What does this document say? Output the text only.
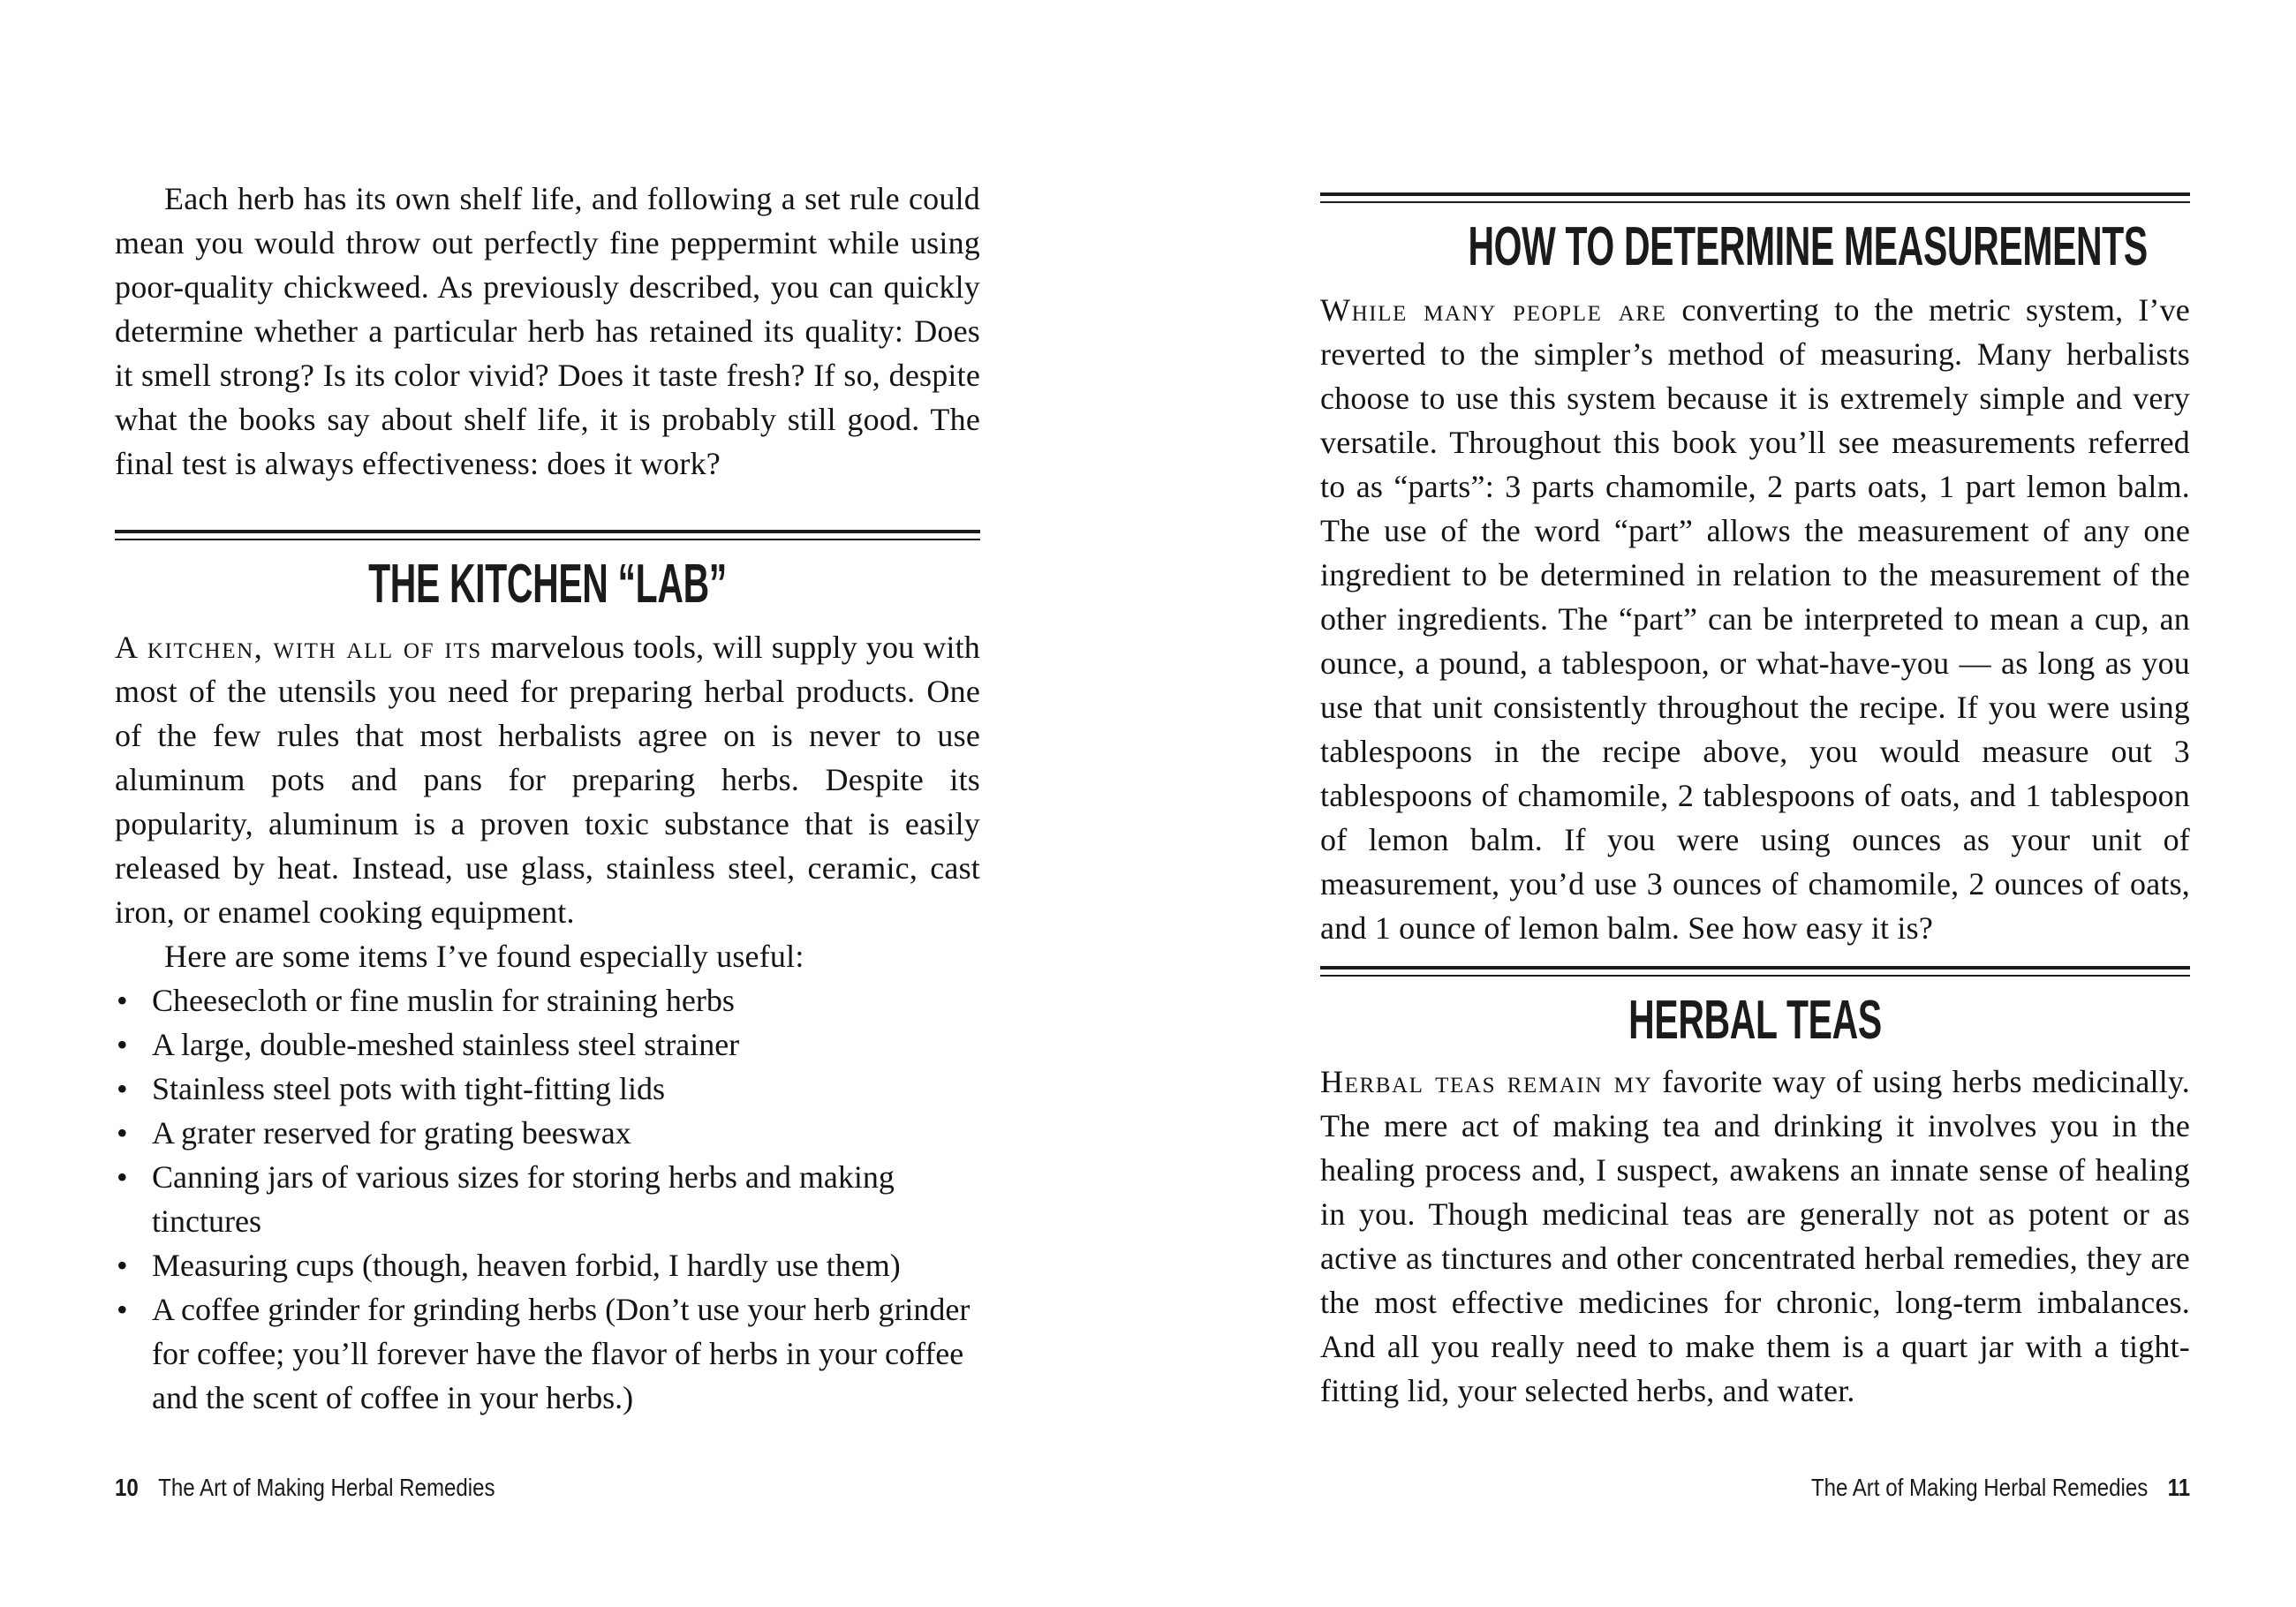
Each herb has its own shelf life, and following a set rule could mean you would throw out perfectly fine peppermint while using poor-quality chickweed. As previously described, you can quickly determine whether a particular herb has retained its quality: Does it smell strong? Is its color vivid? Does it taste fresh? If so, despite what the books say about shelf life, it is probably still good. The final test is always effectiveness: does it work?

THE KITCHEN “LAB”

A kitchen, with all of its marvelous tools, will supply you with most of the utensils you need for preparing herbal products. One of the few rules that most herbalists agree on is never to use aluminum pots and pans for preparing herbs. Despite its popularity, aluminum is a proven toxic substance that is easily released by heat. Instead, use glass, stainless steel, ceramic, cast iron, or enamel cooking equipment.

Here are some items I’ve found especially useful:

• Cheesecloth or fine muslin for straining herbs
• A large, double-meshed stainless steel strainer
• Stainless steel pots with tight-fitting lids
• A grater reserved for grating beeswax
• Canning jars of various sizes for storing herbs and making tinctures
• Measuring cups (though, heaven forbid, I hardly use them)
• A coffee grinder for grinding herbs (Don’t use your herb grinder for coffee; you’ll forever have the flavor of herbs in your coffee and the scent of coffee in your herbs.)
HOW TO DETERMINE MEASUREMENTS

While many people are converting to the metric system, I’ve reverted to the simpler’s method of measuring. Many herbalists choose to use this system because it is extremely simple and very versatile. Throughout this book you’ll see measurements referred to as “parts”: 3 parts chamomile, 2 parts oats, 1 part lemon balm. The use of the word “part” allows the measurement of any one ingredient to be determined in relation to the measurement of the other ingredients. The “part” can be interpreted to mean a cup, an ounce, a pound, a tablespoon, or what-have-you — as long as you use that unit consistently throughout the recipe. If you were using tablespoons in the recipe above, you would measure out 3 tablespoons of chamomile, 2 tablespoons of oats, and 1 tablespoon of lemon balm. If you were using ounces as your unit of measurement, you’d use 3 ounces of chamomile, 2 ounces of oats, and 1 ounce of lemon balm. See how easy it is?

HERBAL TEAS

Herbal teas remain my favorite way of using herbs medicinally. The mere act of making tea and drinking it involves you in the healing process and, I suspect, awakens an innate sense of healing in you. Though medicinal teas are generally not as potent or as active as tinctures and other concentrated herbal remedies, they are the most effective medicines for chronic, long-term imbalances. And all you really need to make them is a quart jar with a tight-fitting lid, your selected herbs, and water.

10 The Art of Making Herbal Remedies	The Art of Making Herbal Remedies 11
